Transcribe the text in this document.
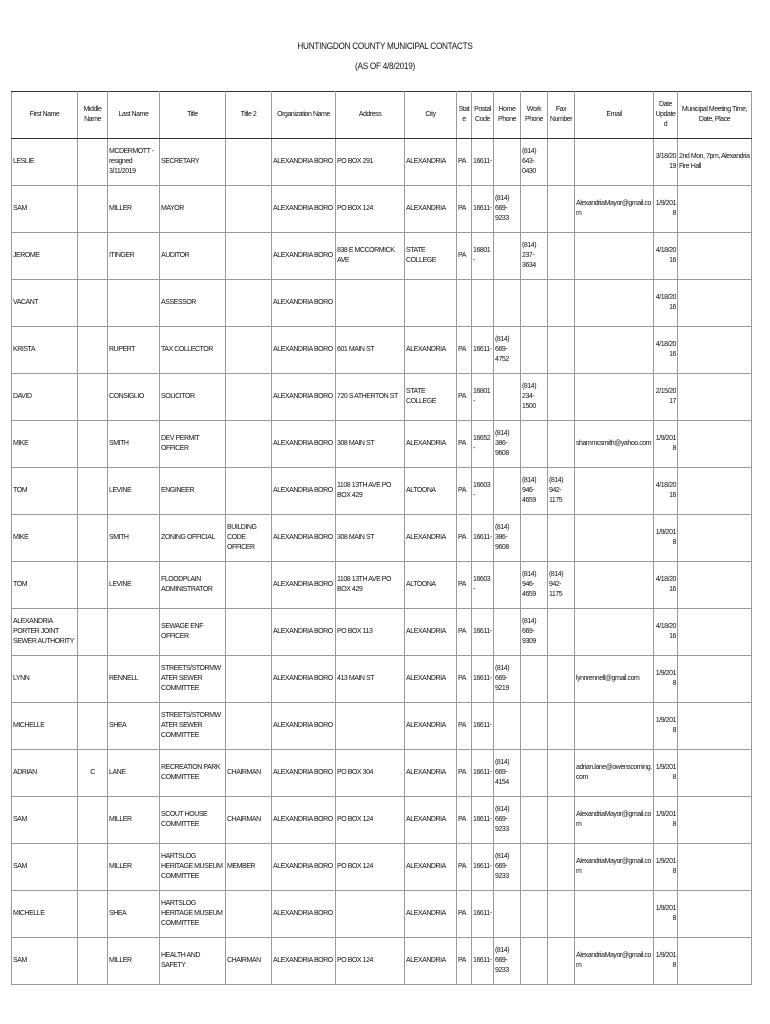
HUNTINGDON COUNTY MUNICIPAL CONTACTS
(AS OF 4/8/2019)
First Name	Middle Name	Last Name	Title	Title 2	Organization Name	Address	City	State	Postal Code	Home Phone	Work Phone	Fax Number	Email	Date Updated	Municipal Meeting Time, Date, Place
LESLIE		MCDERMOTT - resigned 3/11/2019	SECRETARY		ALEXANDRIA BORO	PO BOX 291	ALEXANDRIA	PA	16611-		(814) 643-0430			3/18/2019	2nd Mon, 7pm, Alexandria Fire Hall
SAM		MILLER	MAYOR		ALEXANDRIA BORO	PO BOX 124	ALEXANDRIA	PA	16611-	(814) 669-9233			AlexandriaMayor@gmail.com	1/9/2018	
JEROME		ITINGER	AUDITOR		ALEXANDRIA BORO	838 E MCCORMICK AVE	STATE COLLEGE	PA	16801-		(814) 237-3634			4/18/2016	
VACANT			ASSESSOR		ALEXANDRIA BORO									4/18/2016	
KRISTA		RUPERT	TAX COLLECTOR		ALEXANDRIA BORO	601 MAIN ST	ALEXANDRIA	PA	16611-	(814) 669-4752				4/18/2016	
DAVID		CONSIGLIO	SOLICITOR		ALEXANDRIA BORO	720 S ATHERTON ST	STATE COLLEGE	PA	16801-		(814) 234-1500			2/15/2017	
MIKE		SMITH	DEV PERMIT OFFICER		ALEXANDRIA BORO	308 MAIN ST	ALEXANDRIA	PA	16652-	(814) 386-9608			shammcsmith@yahoo.com	1/9/2018	
TOM		LEVINE	ENGINEER		ALEXANDRIA BORO	1108 13TH AVE PO BOX 429	ALTOONA	PA	16603-		(814) 946-4659	(814) 942-1175		4/18/2016	
MIKE		SMITH	ZONING OFFICIAL	BUILDING CODE OFFICER	ALEXANDRIA BORO	308 MAIN ST	ALEXANDRIA	PA	16611-	(814) 386-9608				1/9/2018	
TOM		LEVINE	FLOODPLAIN ADMINISTRATOR		ALEXANDRIA BORO	1108 13TH AVE PO BOX 429	ALTOONA	PA	16603-		(814) 946-4659	(814) 942-1175		4/18/2016	
ALEXANDRIA PORTER JOINT SEWER AUTHORITY			SEWAGE ENF OFFICER		ALEXANDRIA BORO	PO BOX 113	ALEXANDRIA	PA	16611-		(814) 669-9309			4/18/2016	
LYNN		RENNELL	STREETS/STORMWATER SEWER COMMITTEE		ALEXANDRIA BORO	413 MAIN ST	ALEXANDRIA	PA	16611-	(814) 669-9219			lynnrennell@gmail.com	1/9/2018	
MICHELLE		SHEA	STREETS/STORMWATER SEWER COMMITTEE		ALEXANDRIA BORO		ALEXANDRIA	PA	16611-					1/9/2018	
ADRIAN	C	LANE	RECREATION PARK COMMITTEE	CHAIRMAN	ALEXANDRIA BORO	PO BOX 304	ALEXANDRIA	PA	16611-	(814) 669-4154			adrian.lane@owenscorning.com	1/9/2018	
SAM		MILLER	SCOUT HOUSE COMMITTEE	CHAIRMAN	ALEXANDRIA BORO	PO BOX 124	ALEXANDRIA	PA	16611-	(814) 669-9233			AlexandriaMayor@gmail.com	1/9/2018	
SAM		MILLER	HARTSLOG HERITAGE MUSEUM COMMITTEE	MEMBER	ALEXANDRIA BORO	PO BOX 124	ALEXANDRIA	PA	16611-	(814) 669-9233			AlexandriaMayor@gmail.com	1/9/2018	
MICHELLE		SHEA	HARTSLOG HERITAGE MUSEUM COMMITTEE		ALEXANDRIA BORO		ALEXANDRIA	PA	16611-					1/9/2018	
SAM		MILLER	HEALTH AND SAFETY	CHAIRMAN	ALEXANDRIA BORO	PO BOX 124	ALEXANDRIA	PA	16611-	(814) 669-9233			AlexandriaMayor@gmail.com	1/9/2018	
